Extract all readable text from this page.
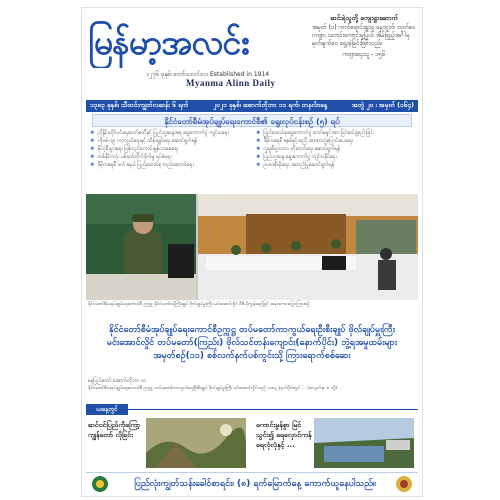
မြန်မာ့အလင်း
၁၂၇၆ ခုနှစ်၊ တော်သလင်းလ၊ Established in 1914
Myanma Alinn Daily
ဆင်းရဲသူတို့ ကျေးရွာဆောက်
အမှတ် (၁) ကတ်ရောင်းချသူ နေ့ထုတ်၊ ထုတ်ဝေကဗျာ၊ သတင်းကောင်းမှုပြုပါ၊ အိမ်ဖြည့်အင်္ဂါမှ မှတ်ချက်ဝေ ရွေးခဲ့ခြင်းဖြစ်သည်။
ကဗျာရေးသူ - ၁၅၆
၁၃၈၃ ခုနှစ်၊ သီတင်းကျွတ်လဆန်း ၆ ရက်	၂၀၂၁ ခုနှစ်၊ အောက်တိုဘာ ၁၁ ရက်၊ တနင်္လာနေ့	အတွဲ ၂၀ ၊ အမှတ် (၁၆၄)
နိုင်ငံတော်စီမံအုပ်ချုပ်ရေးကောင်စီ၏ ရွေးလုပ်ငန်းစဉ် (၅) ရပ်
❖ ညှိနှိုင်းတိုင်ပင်ရေးကော်မတီနှင့် ပြည်သူ့ဆန္ဒအရ ရွေးကောက်ပွဲ ကျင်းပရေး
❖ ကိုဗစ်-၁၉ ကာကွယ်ရေးနှင့် ထိန်းချုပ်ရေး ဆောင်ရွက်ရန်
❖ နိုင်ငံ့စီးပွားရေး ပြန်လည်ကောင်းမွန်လာစေရေး
❖ တစ်နိုင်ငံလုံး ပစ်ခတ်တိုက်ခိုက်မှု ရပ်စဲရေး
❖ ဒီမိုကရေစီ ဖက်ဒရယ် ပြည်ထောင်စု တည်ဆောက်ရေး
❖ ပြည်ထောင်စုရွေးကောက်ပွဲ ကော်မရှင်အား ပြင်ဆင်ဖွဲ့စည်းခြင်း
❖ ဒီမိုကရေစီ စနစ်နှင့်အညီ အာဏာလွှဲပြောင်းပေးရေး
❖ လူမှုစီးပွားဘဝ တိုးတက်ရေး ဆောင်ရွက်ရန်
❖ ပြည်သူ့ဆန္ဒ ရွေးကောက်ပွဲ ကျင်းပနိုင်ရေး
❖ ဥပဒေစိုးမိုးရေး အတည်ပြုဆောင်ရွက်ရန်
နိုင်ငံတော်စီမံအုပ်ချုပ်ရေးကောင်စီ ဥက္ကဋ္ဌ နိုင်ငံတော်ဝန်ကြီးချုပ် ဗိုလ်ချုပ်မှူးကြီး မင်းအောင်လှိုင် ဗီဒီယိုကွန်ဖရင့်ဖြင့် အမှာစကားပြောကြားစဉ်
နိုင်ငံတော်စီမံအုပ်ချုပ်ရေးကောင်စီဥက္ကဋ္ဌ တပ်မတော်ကာကွယ်ရေးဦးစီးချုပ် ဗိုလ်ချုပ်မှူးကြီး မင်းအောင်လှိုင် တပ်မတော်(ကြည်း) ဗိုလ်သင်တန်းကျောင်း(နောက်ပိုင်း) ဘွဲ့ရအမှုထမ်းများ အမှတ်စဉ်(၁၁) စစ်လက်နက်ပစ်ကွင်းသို့ ကြားရောက်စစ်ဆေး
နေပြည်တော် အောက်တိုဘာ ၁၀
နိုင်ငံတော်စီမံအုပ်ချုပ်ရေးကောင်စီ ဥက္ကဋ္ဌ တပ်မတော်ကာကွယ်ရေးဦးစီးချုပ် ဗိုလ်ချုပ်မှူးကြီး မင်းအောင်လှိုင်သည် ယနေ့ နံနက်ပိုင်းတွင် ... (စာမျက်နှာ ၈ သို့)
ယနေ့တွင်
ဆင်ဝင်ပြည်ကိုကြော့ ကျွန်တော် လိုခြင်း
ကောင်းမွန်စွာ မြင်သွင်း၍ ရေလှောင်ကန် ရေလုံလုံနှင့် ...
ပြည်လုံးကျွတ်သန်းခေါင်စာရင်း၊ (၈) ရက်မြောက်နေ့ ကောက်ယူနေပါသည်။
